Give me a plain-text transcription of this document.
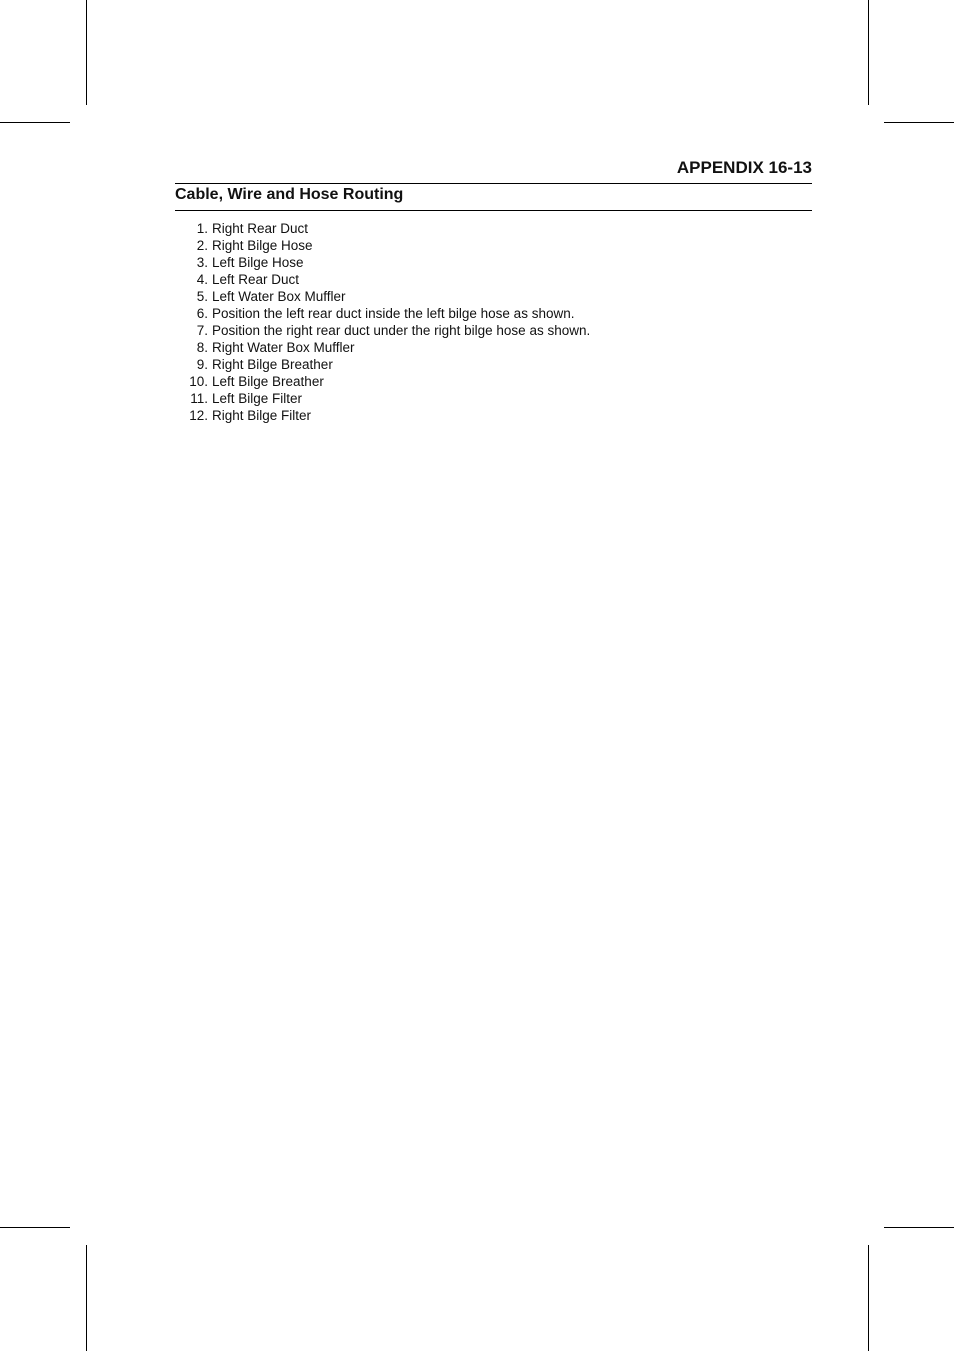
APPENDIX 16-13
Cable, Wire and Hose Routing
1. Right Rear Duct
2. Right Bilge Hose
3. Left Bilge Hose
4. Left Rear Duct
5. Left Water Box Muffler
6. Position the left rear duct inside the left bilge hose as shown.
7. Position the right rear duct under the right bilge hose as shown.
8. Right Water Box Muffler
9. Right Bilge Breather
10. Left Bilge Breather
11. Left Bilge Filter
12. Right Bilge Filter
